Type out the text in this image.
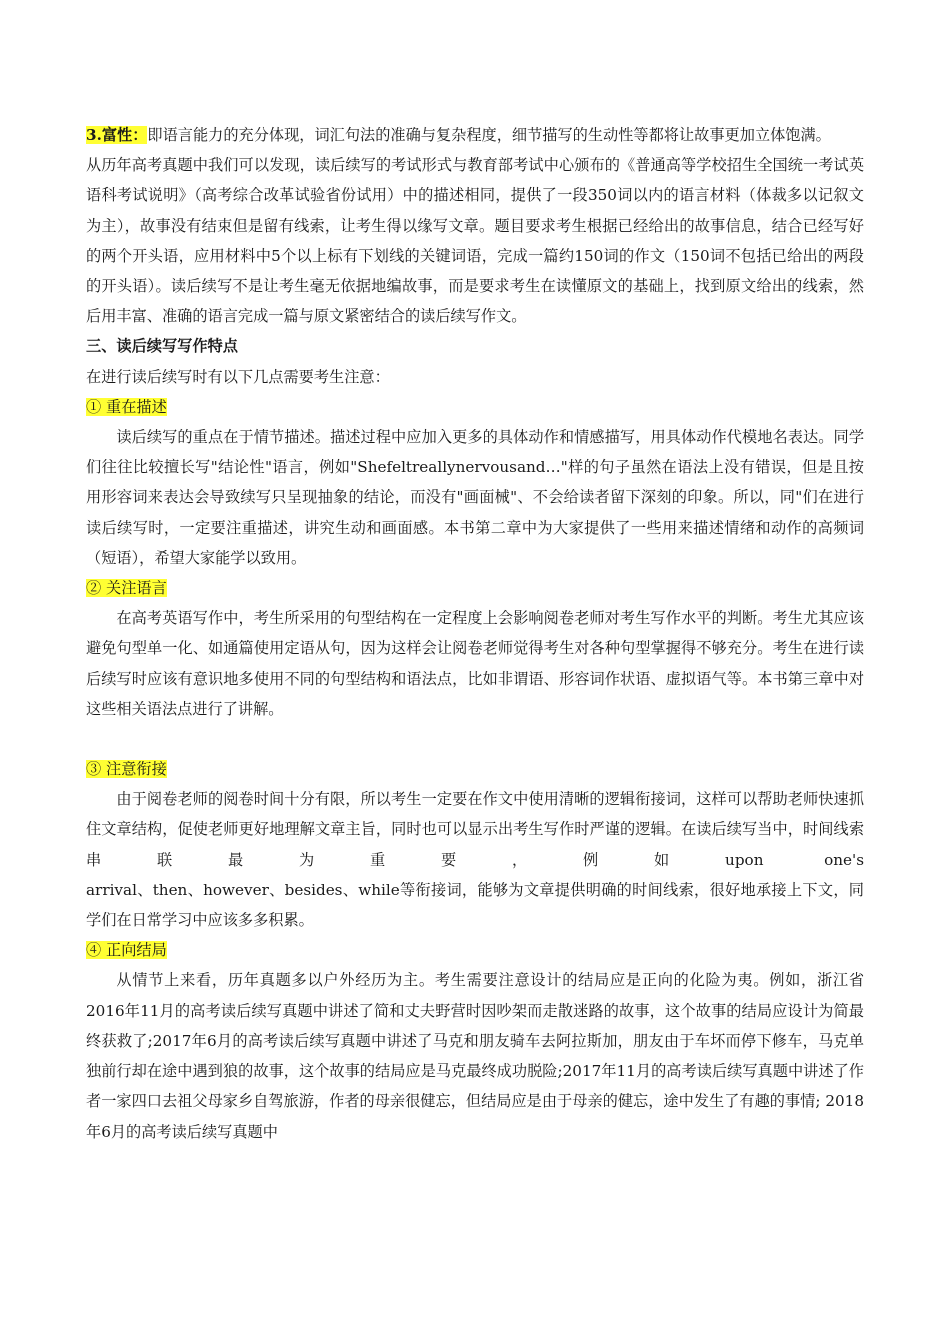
3.富性：即语言能力的充分体现，词汇句法的准确与复杂程度，细节描写的生动性等都将让故事更加立体饱满。

从历年高考真题中我们可以发现，读后续写的考试形式与教育部考试中心颁布的《普通高等学校招生全国统一考试英语科考试说明》（高考综合改革试验省份试用）中的描述相同，提供了一段350词以内的语言材料（体裁多以记叙文为主），故事没有结束但是留有线索，让考生得以缘写文章。题目要求考生根据已经给出的故事信息，结合已经写好的两个开头语，应用材料中5个以上标有下划线的关键词语，完成一篇约150词的作文（150词不包括已给出的两段的开头语）。读后续写不是让考生毫无依据地编故事，而是要求考生在读懂原文的基础上，找到原文给出的线索，然后用丰富、准确的语言完成一篇与原文紧密结合的读后续写作文。

三、读后续写写作特点

在进行读后续写时有以下几点需要考生注意：

① 重在描述

读后续写的重点在于情节描述。描述过程中应加入更多的具体动作和情感描写，用具体动作代模地名表达。同学们往往比较擅长写"结论性"语言，例如"Shefeltreallynervousand…"样的句子虽然在语法上没有错误，但是且按用形容词来表达会导致续写只呈现抽象的结论，而没有"画面械"、不会给读者留下深刻的印象。所以，同"们在进行读后续写时，一定要注重描述，讲究生动和画面感。本书第二章中为大家提供了一些用来描述情绪和动作的高频词（短语），希望大家能学以致用。

② 关注语言

在高考英语写作中，考生所采用的句型结构在一定程度上会影响阅卷老师对考生写作水平的判断。考生尤其应该避免句型单一化、如通篇使用定语从句，因为这样会让阅卷老师觉得考生对各种句型掌握得不够充分。考生在进行读后续写时应该有意识地多使用不同的句型结构和语法点，比如非谓语、形容词作状语、虚拟语气等。本书第三章中对这些相关语法点进行了讲解。

③ 注意衔接

由于阅卷老师的阅卷时间十分有限，所以考生一定要在作文中使用清晰的逻辑衔接词，这样可以帮助老师快速抓住文章结构，促使老师更好地理解文章主旨，同时也可以显示出考生写作时严谨的逻辑。在读后续写当中，时间线索串联最为重要，例如upon one's

arrival、then、however、besides、while等衔接词，能够为文章提供明确的时间线索，很好地承接上下文，同学们在日常学习中应该多多积累。

④ 正向结局

从情节上来看，历年真题多以户外经历为主。考生需要注意设计的结局应是正向的化险为夷。例如，浙江省2016年11月的高考读后续写真题中讲述了简和丈夫野营时因吵架而走散迷路的故事，这个故事的结局应设计为简最终获救了;2017年6月的高考读后续写真题中讲述了马克和朋友骑车去阿拉斯加，朋友由于车坏而停下修车，马克单独前行却在途中遇到狼的故事，这个故事的结局应是马克最终成功脱险;2017年11月的高考读后续写真题中讲述了作者一家四口去祖父母家乡自驾旅游，作者的母亲很健忘，但结局应是由于母亲的健忘，途中发生了有趣的事情; 2018年6月的高考读后续写真题中
